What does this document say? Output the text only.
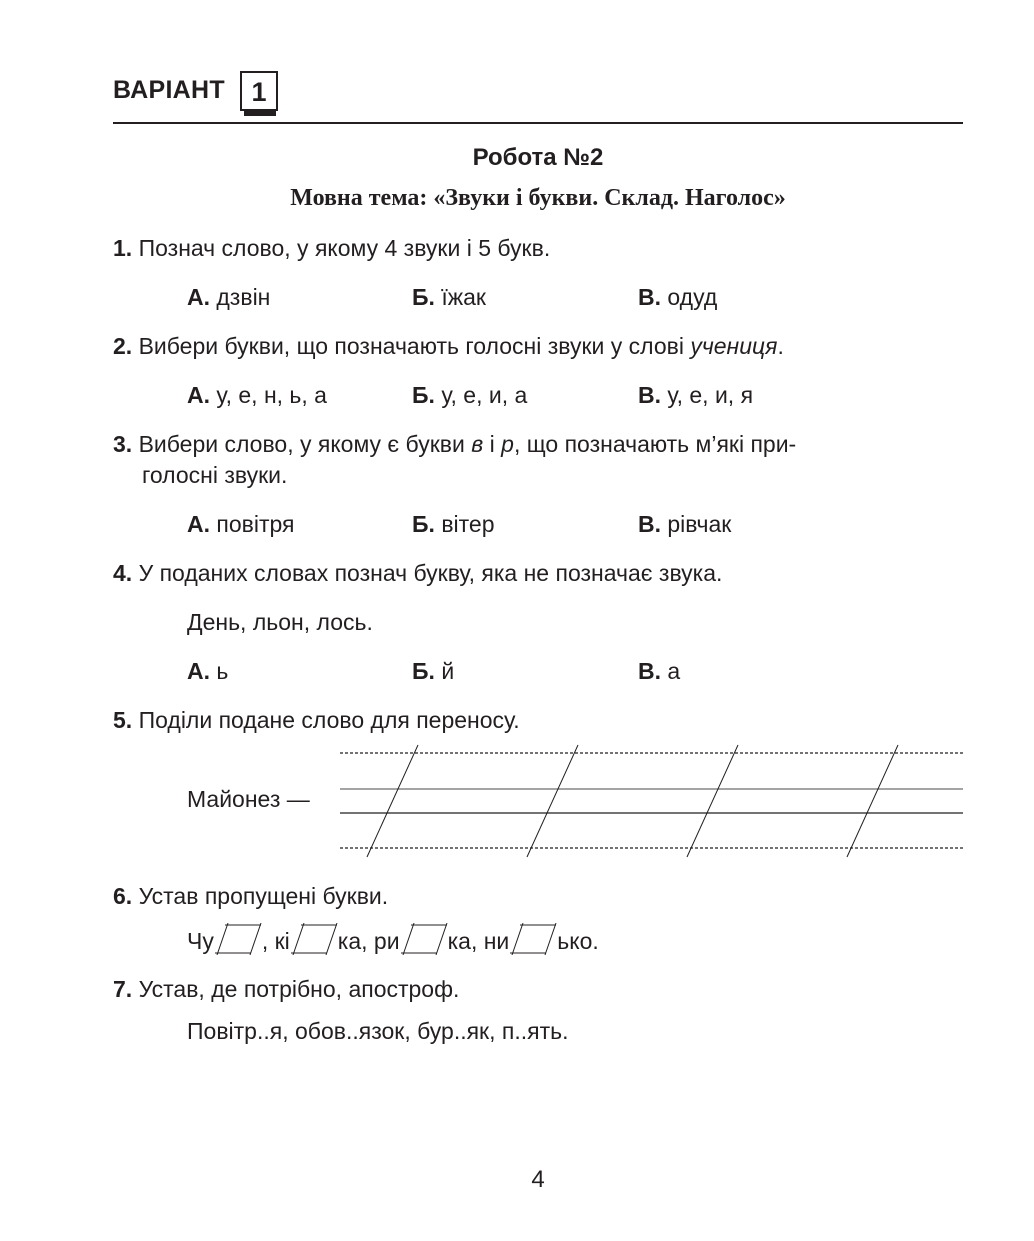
ВАРІАНТ 1
Робота №2
Мовна тема: «Звуки і букви. Склад. Наголос»
1. Познач слово, у якому 4 звуки і 5 букв.
А. дзвін	Б. їжак	В. одуд
2. Вибери букви, що позначають голосні звуки у слові учениця.
А. у, е, н, ь, а	Б. у, е, и, а	В. у, е, и, я
3. Вибери слово, у якому є букви в і р, що позначають м’які при-
голосні звуки.
А. повітря	Б. вітер	В. рівчак
4. У поданих словах познач букву, яка не позначає звука.
День, льон, лось.
А. ь	Б. й	В. а
5. Поділи подане слово для переносу.
Майонез —
6. Устав пропущені букви.
Чу , кі ка, ри ка, ни ько.
7. Устав, де потрібно, апостроф.
Повітр..я, обов..язок, бур..як, п..ять.
4
